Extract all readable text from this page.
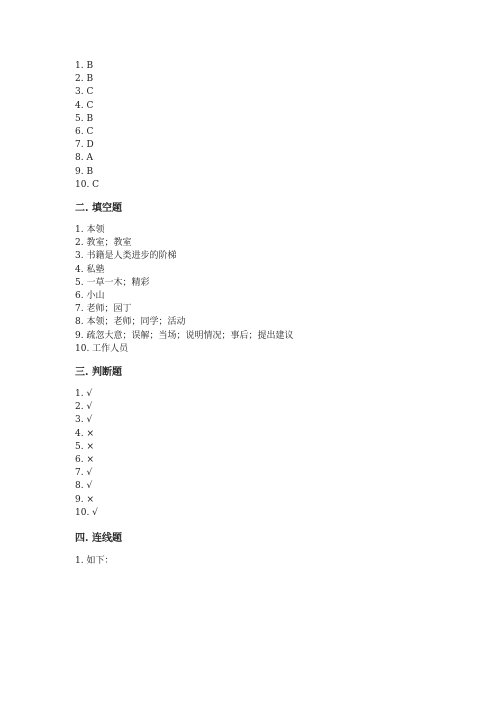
1. B
2. B
3. C
4. C
5. B
6. C
7. D
8. A
9. B
10. C
二. 填空题
1. 本领
2. 教室；教室
3. 书籍是人类进步的阶梯
4. 私塾
5. 一草一木；精彩
6. 小山
7. 老师；园丁
8. 本领；老师；同学；活动
9. 疏忽大意；误解；当场；说明情况；事后；提出建议
10. 工作人员
三. 判断题
1. √
2. √
3. √
4. ×
5. ×
6. ×
7. √
8. √
9. ×
10. √
四. 连线题
1. 如下：
